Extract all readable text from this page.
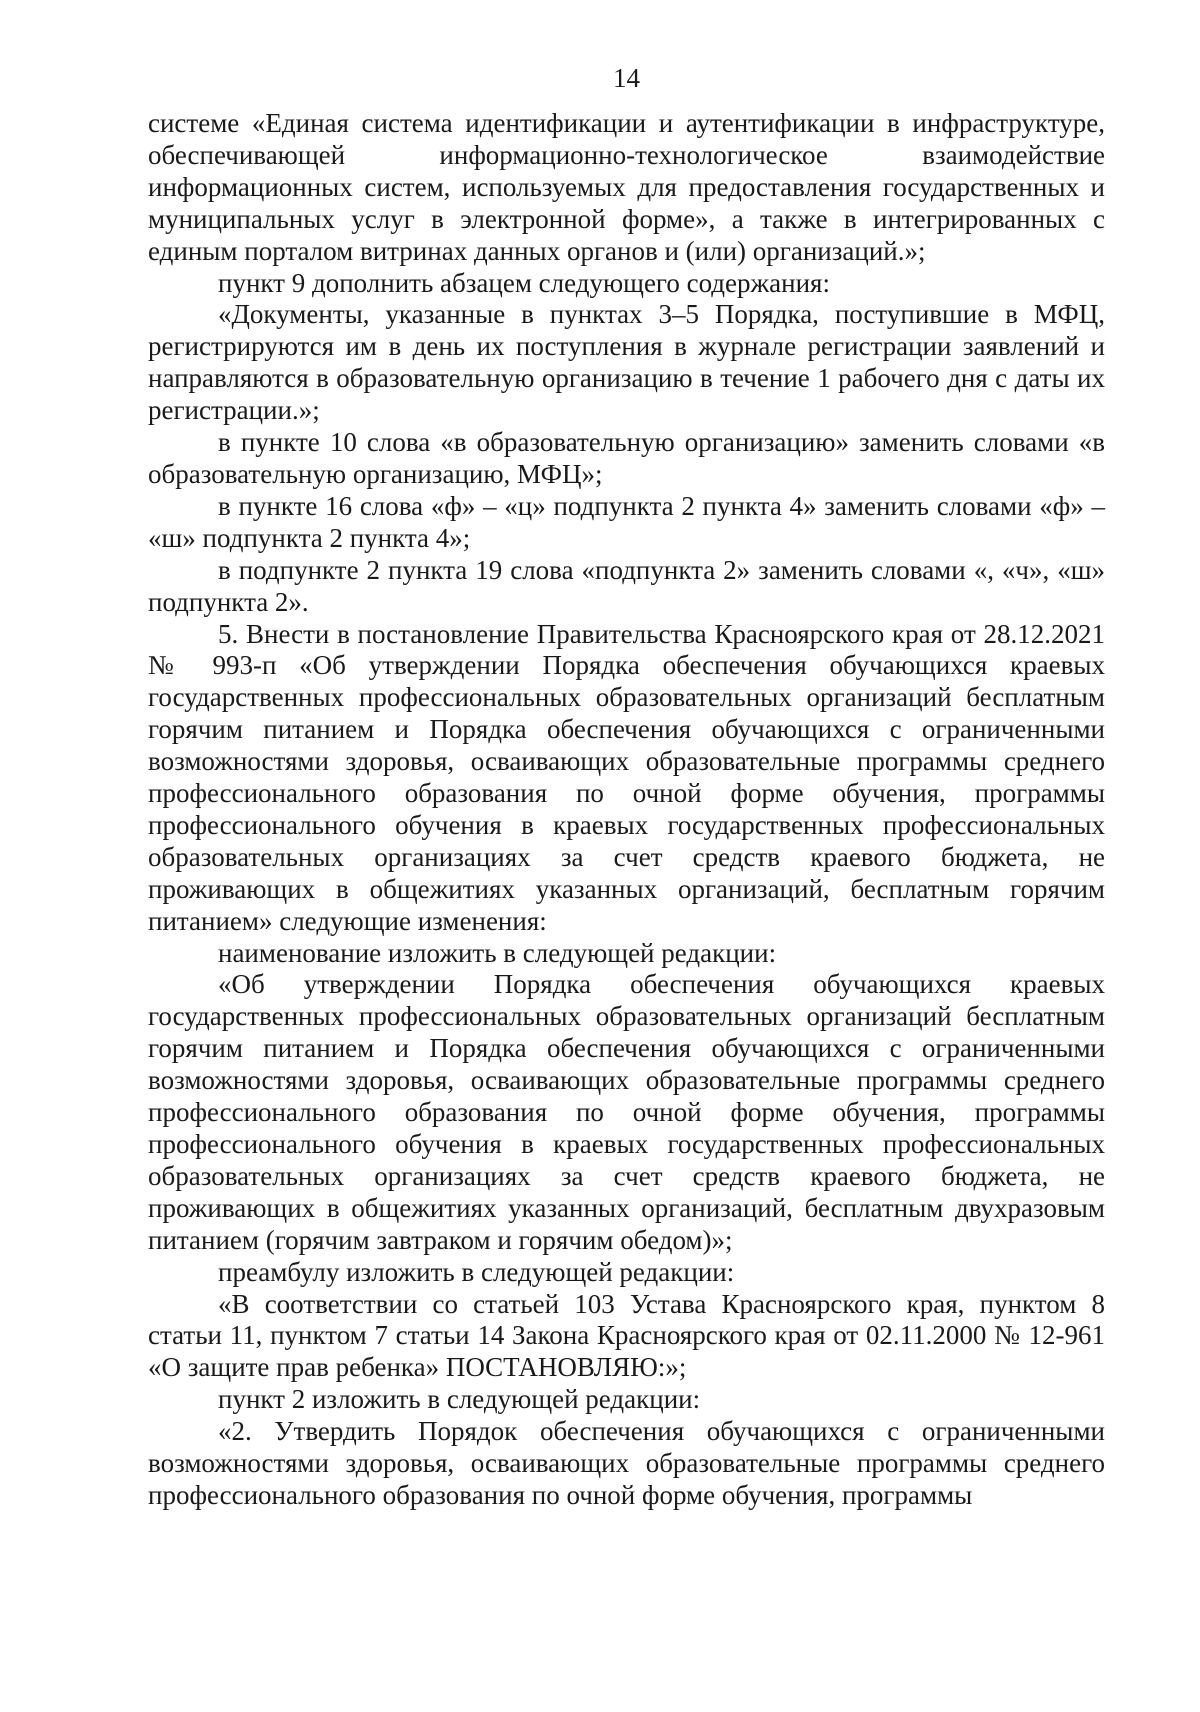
14

системе «Единая система идентификации и аутентификации в инфраструктуре, обеспечивающей информационно-технологическое взаимодействие информационных систем, используемых для предоставления государственных и муниципальных услуг в электронной форме», а также в интегрированных с единым порталом витринах данных органов и (или) организаций.»;

пункт 9 дополнить абзацем следующего содержания:

«Документы, указанные в пунктах 3–5 Порядка, поступившие в МФЦ, регистрируются им в день их поступления в журнале регистрации заявлений и направляются в образовательную организацию в течение 1 рабочего дня с даты их регистрации.»;

в пункте 10 слова «в образовательную организацию» заменить словами «в образовательную организацию, МФЦ»;

в пункте 16 слова «ф» – «ц» подпункта 2 пункта 4» заменить словами «ф» – «ш» подпункта 2 пункта 4»;

в подпункте 2 пункта 19 слова «подпункта 2» заменить словами «, «ч», «ш» подпункта 2».

5. Внести в постановление Правительства Красноярского края от 28.12.2021 № 993-п «Об утверждении Порядка обеспечения обучающихся краевых государственных профессиональных образовательных организаций бесплатным горячим питанием и Порядка обеспечения обучающихся с ограниченными возможностями здоровья, осваивающих образовательные программы среднего профессионального образования по очной форме обучения, программы профессионального обучения в краевых государственных профессиональных образовательных организациях за счет средств краевого бюджета, не проживающих в общежитиях указанных организаций, бесплатным горячим питанием» следующие изменения:

наименование изложить в следующей редакции:

«Об утверждении Порядка обеспечения обучающихся краевых государственных профессиональных образовательных организаций бесплатным горячим питанием и Порядка обеспечения обучающихся с ограниченными возможностями здоровья, осваивающих образовательные программы среднего профессионального образования по очной форме обучения, программы профессионального обучения в краевых государственных профессиональных образовательных организациях за счет средств краевого бюджета, не проживающих в общежитиях указанных организаций, бесплатным двухразовым питанием (горячим завтраком и горячим обедом)»;

преамбулу изложить в следующей редакции:

«В соответствии со статьей 103 Устава Красноярского края, пунктом 8 статьи 11, пунктом 7 статьи 14 Закона Красноярского края от 02.11.2000 № 12-961 «О защите прав ребенка» ПОСТАНОВЛЯЮ:»;

пункт 2 изложить в следующей редакции:

«2. Утвердить Порядок обеспечения обучающихся с ограниченными возможностями здоровья, осваивающих образовательные программы среднего профессионального образования по очной форме обучения, программы
